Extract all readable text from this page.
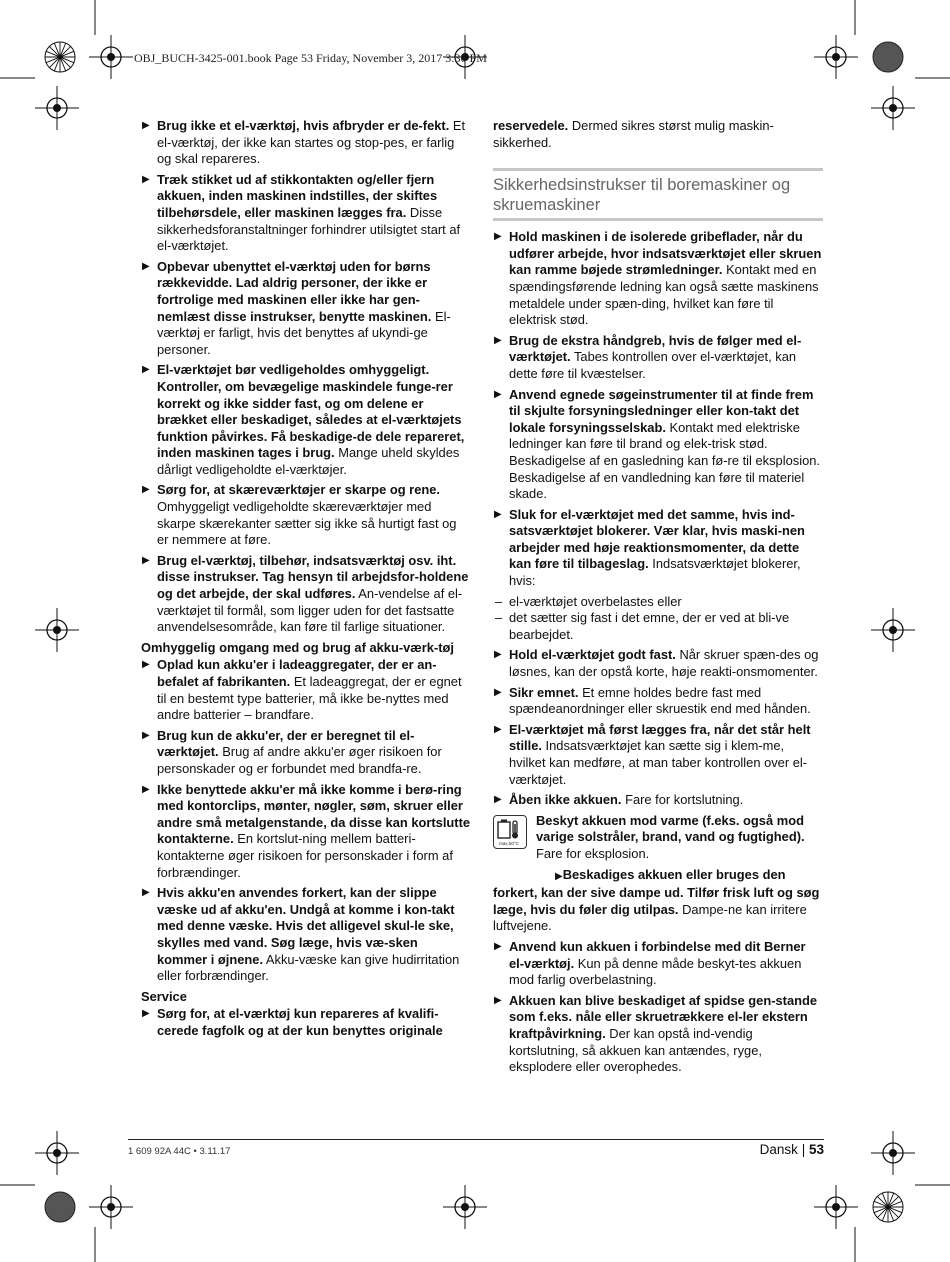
OBJ_BUCH-3425-001.book Page 53 Friday, November 3, 2017 3:36 PM
▶ Brug ikke et el-værktøj, hvis afbryder er de-fekt. Et el-værktøj, der ikke kan startes og stop-pes, er farlig og skal repareres.
▶ Træk stikket ud af stikkontakten og/eller fjern akkuen, inden maskinen indstilles, der skiftes tilbehørsdele, eller maskinen lægges fra. Disse sikkerhedsforanstaltninger forhindrer utilsigtet start af el-værktøjet.
▶ Opbevar ubenyttet el-værktøj uden for børns rækkevidde. Lad aldrig personer, der ikke er fortrolige med maskinen eller ikke har gen-nemlæst disse instrukser, benytte maskinen. El-værktøj er farligt, hvis det benyttes af ukyndi-ge personer.
▶ El-værktøjet bør vedligeholdes omhyggeligt. Kontroller, om bevægelige maskindele funge-rer korrekt og ikke sidder fast, og om delene er brækket eller beskadiget, således at el-værktøjets funktion påvirkes. Få beskadige-de dele repareret, inden maskinen tages i brug. Mange uheld skyldes dårligt vedligeholdte el-værktøjer.
▶ Sørg for, at skæreværktøjer er skarpe og rene. Omhyggeligt vedligeholdte skæreværktøjer med skarpe skærekanter sætter sig ikke så hurtigt fast og er nemmere at føre.
▶ Brug el-værktøj, tilbehør, indsatsværktøj osv. iht. disse instrukser. Tag hensyn til arbejdsfor-holdene og det arbejde, der skal udføres. An-vendelse af el-værktøjet til formål, som ligger uden for det fastsatte anvendelsesområde, kan føre til farlige situationer.
Omhyggelig omgang med og brug af akku-værk-tøj
▶ Oplad kun akku'er i ladeaggregater, der er an-befalet af fabrikanten. Et ladeaggregat, der er egnet til en bestemt type batterier, må ikke be-nyttes med andre batterier – brandfare.
▶ Brug kun de akku'er, der er beregnet til el-værktøjet. Brug af andre akku'er øger risikoen for personskader og er forbundet med brandfa-re.
▶ Ikke benyttede akku'er må ikke komme i berø-ring med kontorclips, mønter, nøgler, søm, skruer eller andre små metalgenstande, da disse kan kortslutte kontakterne. En kortslut-ning mellem batteri-kontakterne øger risikoen for personskader i form af forbrændinger.
▶ Hvis akku'en anvendes forkert, kan der slippe væske ud af akku'en. Undgå at komme i kon-takt med denne væske. Hvis det alligevel skul-le ske, skylles med vand. Søg læge, hvis væ-sken kommer i øjnene. Akku-væske kan give hudirritation eller forbrændinger.
Service
▶ Sørg for, at el-værktøj kun repareres af kvalifi-cerede fagfolk og at der kun benyttes originale
reservedele. Dermed sikres størst mulig maskin-sikkerhed.
Sikkerhedsinstrukser til boremaskiner og skruemaskiner
▶ Hold maskinen i de isolerede gribeflader, når du udfører arbejde, hvor indsatsværktøjet eller skruen kan ramme bøjede strømledninger. Kontakt med en spændingsførende ledning kan også sætte maskinens metaldele under spæn-ding, hvilket kan føre til elektrisk stød.
▶ Brug de ekstra håndgreb, hvis de følger med el-værktøjet. Tabes kontrollen over el-værktøjet, kan dette føre til kvæstelser.
▶ Anvend egnede søgeinstrumenter til at finde frem til skjulte forsyningsledninger eller kon-takt det lokale forsyningsselskab. Kontakt med elektriske ledninger kan føre til brand og elek-trisk stød. Beskadigelse af en gasledning kan fø-re til eksplosion. Beskadigelse af en vandledning kan føre til materiel skade.
▶ Sluk for el-værktøjet med det samme, hvis ind-satsværktøjet blokerer. Vær klar, hvis maski-nen arbejder med høje reaktionsmomenter, da dette kan føre til tilbageslag. Indsatsværktøjet blokerer, hvis:
– el-værktøjet overbelastes eller
– det sætter sig fast i det emne, der er ved at bli-ve bearbejdet.
▶ Hold el-værktøjet godt fast. Når skruer spæn-des og løsnes, kan der opstå korte, høje reakti-onsmomenter.
▶ Sikr emnet. Et emne holdes bedre fast med spændeanordninger eller skruestik end med hånden.
▶ El-værktøjet må først lægges fra, når det står helt stille. Indsatsværktøjet kan sætte sig i klem-me, hvilket kan medføre, at man taber kontrollen over el-værktøjet.
▶ Åben ikke akkuen. Fare for kortslutning.
max.50°C
Beskyt akkuen mod varme (f.eks. også mod varige solstråler, brand, vand og fugtighed). Fare for eksplosion.
▶Beskadiges akkuen eller bruges den forkert, kan der sive dampe ud. Tilfør frisk luft og søg læge, hvis du føler dig utilpas. Dampe-ne kan irritere luftvejene.
▶ Anvend kun akkuen i forbindelse med dit Berner el-værktøj. Kun på denne måde beskyt-tes akkuen mod farlig overbelastning.
▶ Akkuen kan blive beskadiget af spidse gen-stande som f.eks. nåle eller skruetrækkere el-ler ekstern kraftpåvirkning. Der kan opstå ind-vendig kortslutning, så akkuen kan antændes, ryge, eksplodere eller overophedes.
1 609 92A 44C • 3.11.17	Dansk | 53
